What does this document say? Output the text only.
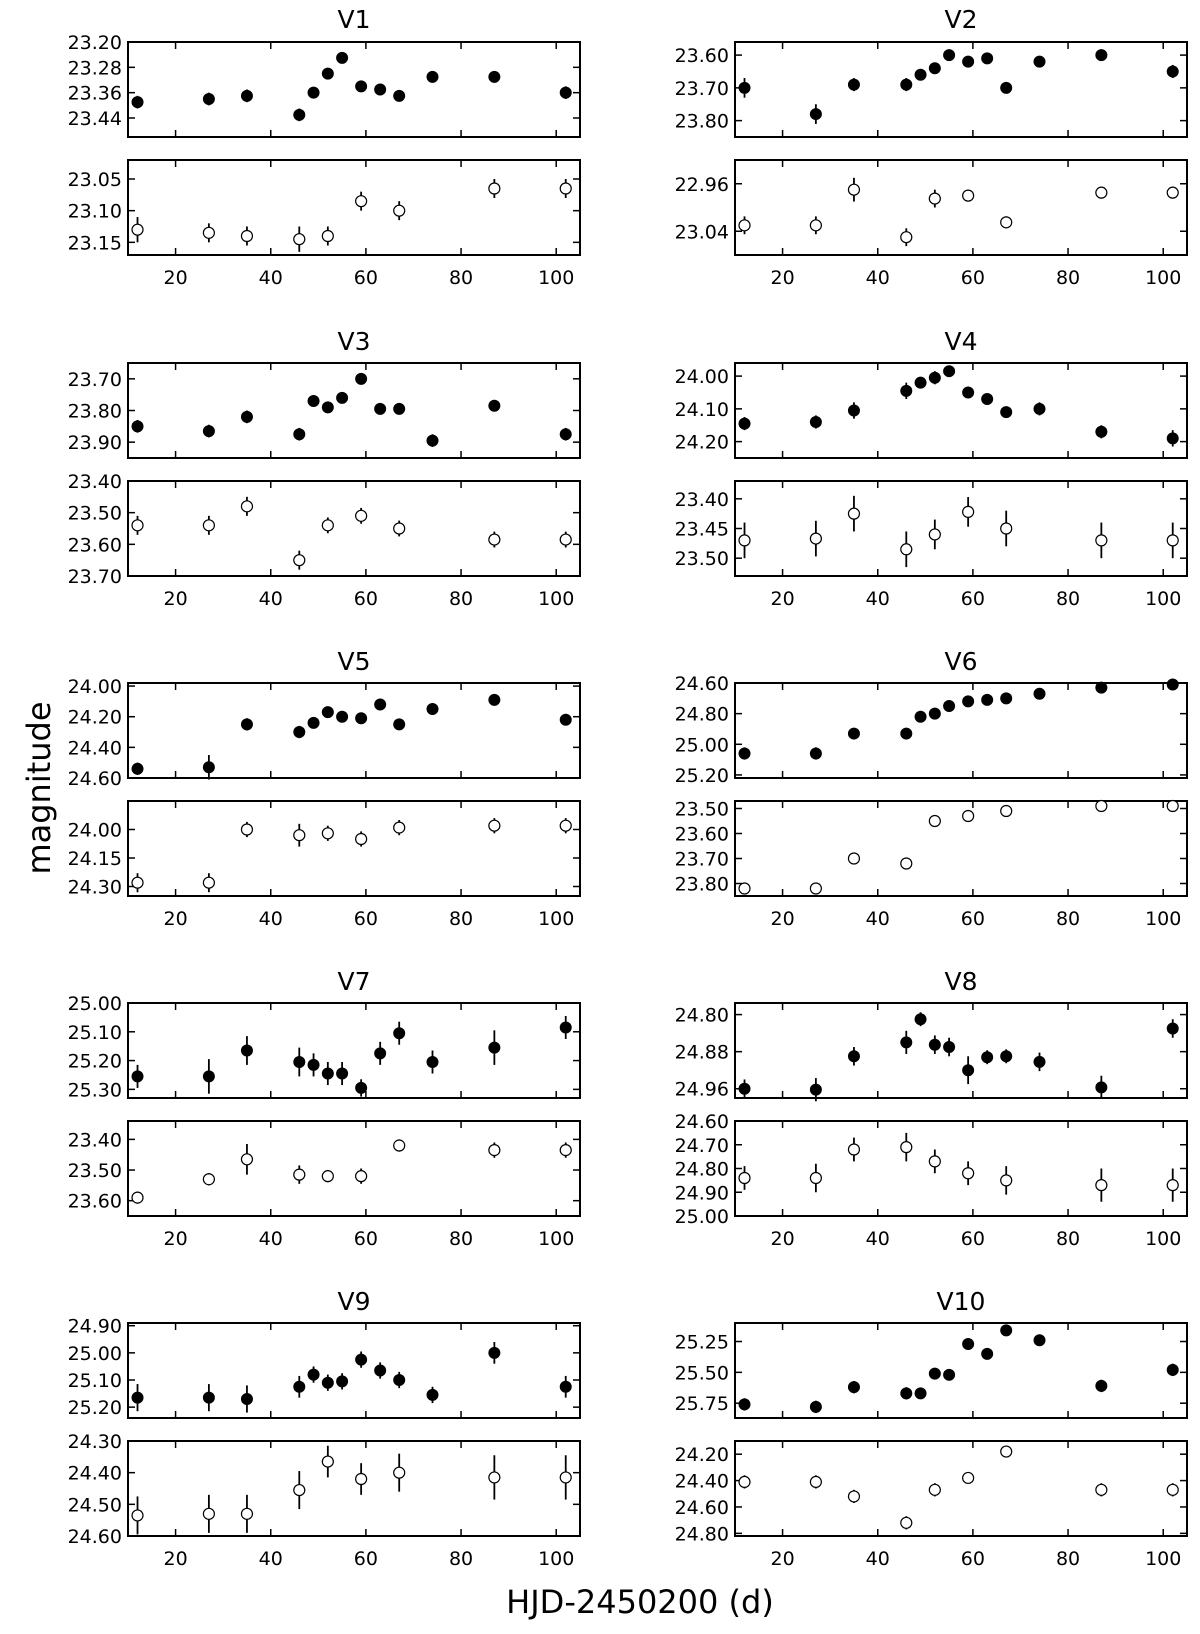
magnitude
HJD-2450200 (d)
V1
23.20
23.28
23.36
23.44
23.05
23.10
23.15
20	40	60	80	100
V2
23.60
23.70
23.80
22.96
23.04
20	40	60	80	100
V3
23.70
23.80
23.90
23.40
23.50
23.60
23.70
20	40	60	80	100
V4
24.00
24.10
24.20
23.40
23.45
23.50
20	40	60	80	100
V5
24.00
24.20
24.40
24.60
24.00
24.15
24.30
20	40	60	80	100
V6
24.60
24.80
25.00
25.20
23.50
23.60
23.70
23.80
20	40	60	80	100
V7
25.00
25.10
25.20
25.30
23.40
23.50
23.60
20	40	60	80	100
V8
24.80
24.88
24.96
24.60
24.70
24.80
24.90
25.00
20	40	60	80	100
V9
24.90
25.00
25.10
25.20
24.30
24.40
24.50
24.60
20	40	60	80	100
V10
25.25
25.50
25.75
24.20
24.40
24.60
24.80
20	40	60	80	100
